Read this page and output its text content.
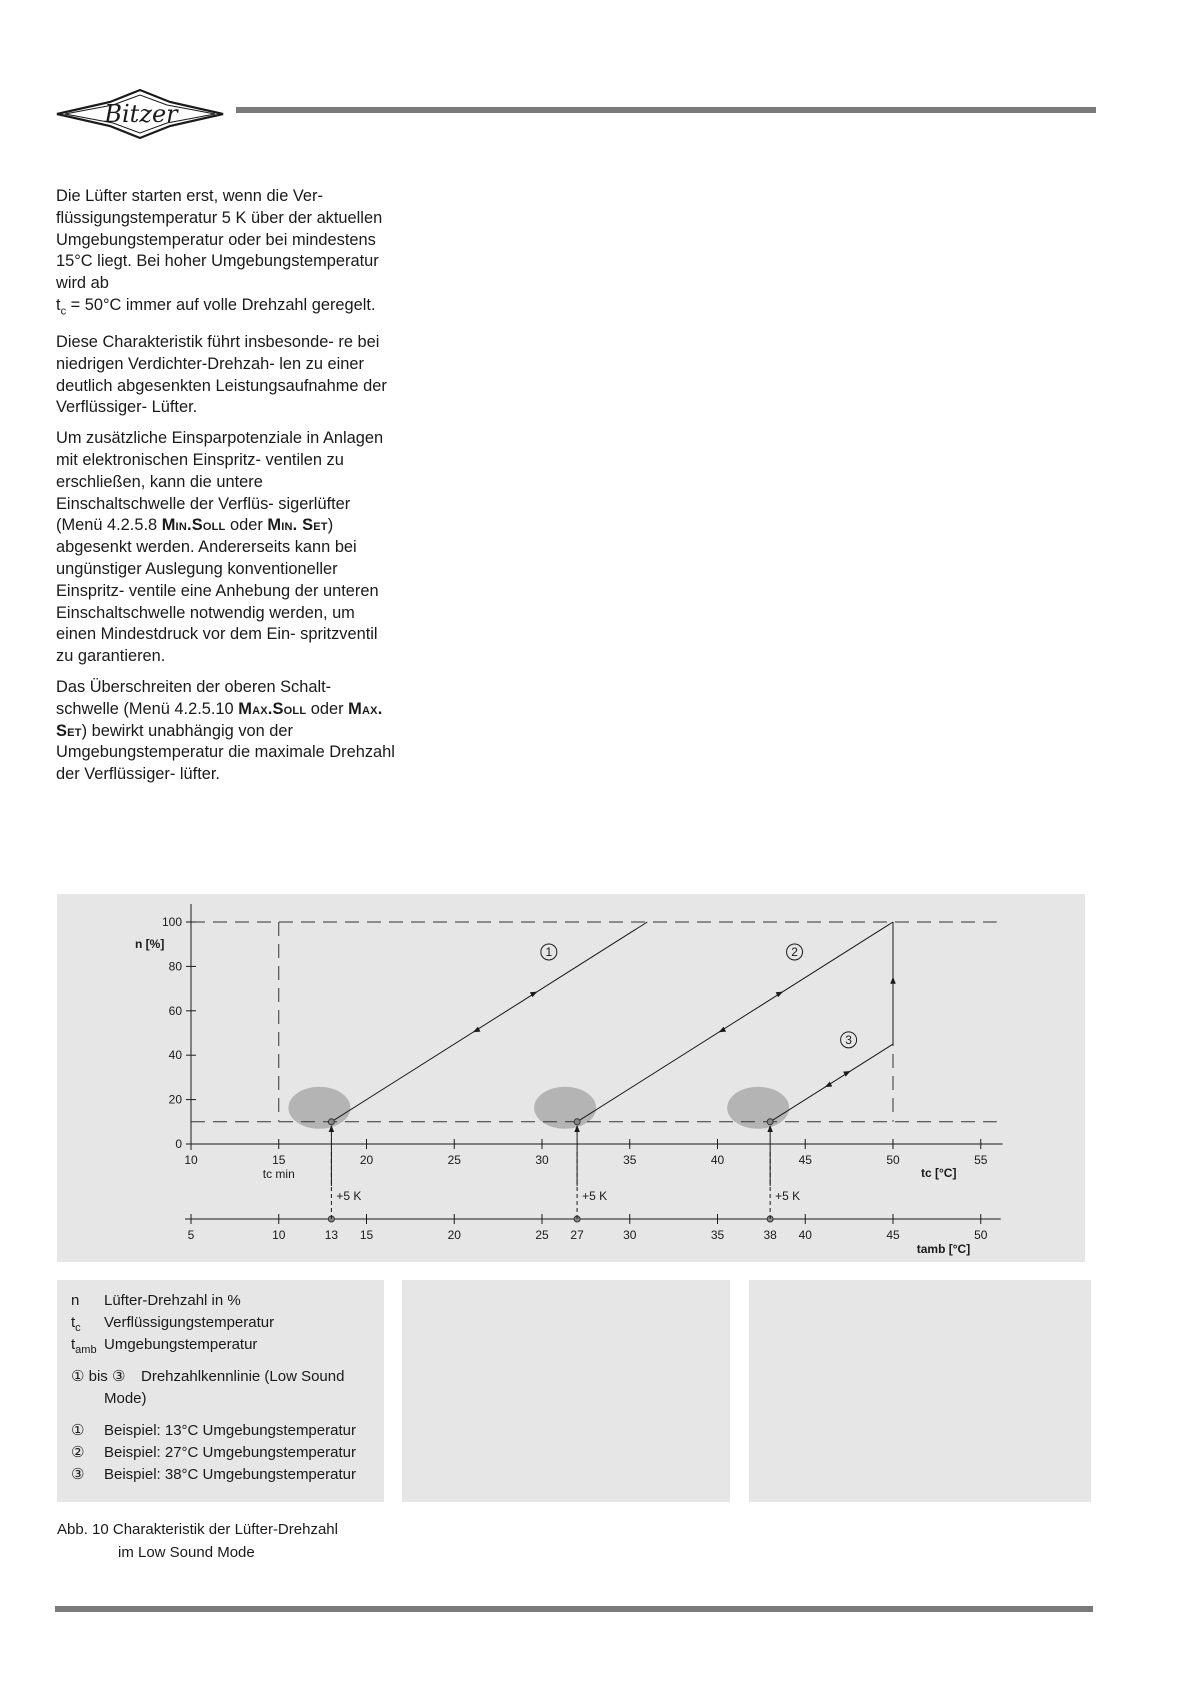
Bitzer

Die Lüfter starten erst, wenn die Ver- flüssigungstemperatur 5 K über der aktuellen Umgebungstemperatur oder bei mindestens 15°C liegt. Bei hoher Umgebungstemperatur wird ab
$t_c = 50^\circ C$ immer auf volle Drehzahl geregelt.

Diese Charakteristik führt insbesonde- re bei niedrigen Verdichter-Drehzah- len zu einer deutlich abgesenkten Leistungsaufnahme der Verflüssiger- Lüfter.

Um zusätzliche Einsparpotenziale in Anlagen mit elektronischen Einspritz- ventilen zu erschließen, kann die untere Einschaltschwelle der Verflüs- sigerlüfter (Menü 4.2.5.8 Min.Soll oder Min. Set) abgesenkt werden. Andererseits kann bei ungünstiger Auslegung konventioneller Einspritz- ventile eine Anhebung der unteren Einschaltschwelle notwendig werden, um einen Mindestdruck vor dem Ein- spritzventil zu garantieren.

Das Überschreiten der oberen Schalt- schwelle (Menü 4.2.5.10 Max.Soll oder Max. Set) bewirkt unabhängig von der Umgebungstemperatur die maximale Drehzahl der Verflüssiger- lüfter.

0
20
40
60
80
100
n [%]
10	15	20	25	30	35	40	45	50	55
tc min	tc [°C]
5	10	15	20	25	30	35	40	45	50
13	27	38
tamb [°C]
+5 K	+5 K	+5 K
1	2
3
n Lüfter-Drehzahl in %
$t_c$ Verflüssigungstemperatur
$t_{amb}$ Umgebungstemperatur
① bis ③ Drehzahlkennlinie (Low Sound
Mode)
① Beispiel: 13°C Umgebungstemperatur
② Beispiel: 27°C Umgebungstemperatur
③ Beispiel: 38°C Umgebungstemperatur
Abb. 10 Charakteristik der Lüfter-Drehzahl
im Low Sound Mode
